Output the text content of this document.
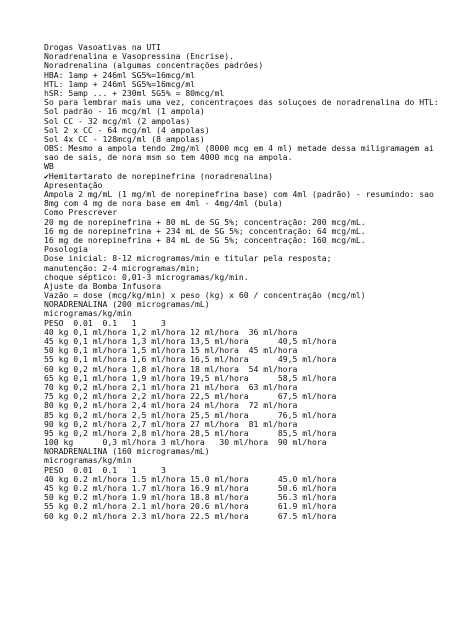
Drogas Vasoativas na UTI
Noradrenalina e Vasopressina (Encrise).
Noradrenalina (algumas concentrações padrões)
HBA: 1amp + 246ml SG5%=16mcg/ml
HTL: 1amp + 246ml SG5%=16mcg/ml
hSR: 5amp ... + 230ml SG5% = 80mcg/ml
So para lembrar mais uma vez, concentraçoes das soluçoes de noradrenalina do HTL:
Sol padrão - 16 mcg/ml (1 ampola)
Sol CC - 32 mcg/ml (2 ampolas)
Sol 2 x CC - 64 mcg/ml (4 ampolas)
Sol 4x CC - 128mcg/ml (8 ampolas)
OBS: Mesmo a ampola tendo 2mg/ml (8000 mcg em 4 ml) metade dessa miligramagem ai
sao de sais, de nora msm so tem 4000 mcg na ampola.
WB
✔Hemitartarato de norepinefrina (noradrenalina)
Apresentação
Ampola 2 mg/mL (1 mg/ml de norepinefrina base) com 4ml (padrão) - resumindo: sao
8mg com 4 mg de nora base em 4ml - 4mg/4ml (bula)
Como Prescrever
20 mg de norepinefrina + 80 mL de SG 5%; concentração: 200 mcg/mL.
16 mg de norepinefrina + 234 mL de SG 5%; concentração: 64 mcg/mL.
16 mg de norepinefrina + 84 mL de SG 5%; concentração: 160 mcg/mL.
Posologia
Dose inicial: 8-12 microgramas/min e titular pela resposta;
manutenção: 2-4 microgramas/min;
choque séptico: 0,01-3 microgramas/kg/min.
Ajuste da Bomba Infusora
Vazão = dose (mcg/kg/min) x peso (kg) x 60 / concentração (mcg/ml)
NORADRENALINA (200 microgramas/mL)
microgramas/kg/min
PESO  0.01  0.1   1     3
40 kg 0,1 ml/hora 1,2 ml/hora 12 ml/hora  36 ml/hora
45 kg 0,1 ml/hora 1,3 ml/hora 13,5 ml/hora      40,5 ml/hora
50 kg 0,1 ml/hora 1,5 ml/hora 15 ml/hora  45 ml/hora
55 kg 0,1 ml/hora 1,6 ml/hora 16,5 ml/hora      49,5 ml/hora
60 kg 0,2 ml/hora 1,8 ml/hora 18 ml/hora  54 ml/hora
65 kg 0,1 ml/hora 1,9 ml/hora 19,5 ml/hora      58,5 ml/hora
70 kg 0,2 ml/hora 2,1 ml/hora 21 ml/hora  63 ml/hora
75 kg 0,2 ml/hora 2,2 ml/hora 22,5 ml/hora      67,5 ml/hora
80 kg 0,2 ml/hora 2,4 ml/hora 24 ml/hora  72 ml/hora
85 kg 0,2 ml/hora 2,5 ml/hora 25,5 ml/hora      76,5 ml/hora
90 kg 0,2 ml/hora 2,7 ml/hora 27 ml/hora  81 ml/hora
95 kg 0,2 ml/hora 2,8 ml/hora 28,5 ml/hora      85,5 ml/hora
100 kg      0,3 ml/hora 3 ml/hora   30 ml/hora  90 ml/hora
NORADRENALINA (160 microgramas/mL)
microgramas/kg/min
PESO  0.01  0.1   1     3
40 kg 0.2 ml/hora 1.5 ml/hora 15.0 ml/hora      45.0 ml/hora
45 kg 0.2 ml/hora 1.7 ml/hora 16.9 ml/hora      50.6 ml/hora
50 kg 0.2 ml/hora 1.9 ml/hora 18.8 ml/hora      56.3 ml/hora
55 kg 0.2 ml/hora 2.1 ml/hora 20.6 ml/hora      61.9 ml/hora
60 kg 0.2 ml/hora 2.3 ml/hora 22.5 ml/hora      67.5 ml/hora
